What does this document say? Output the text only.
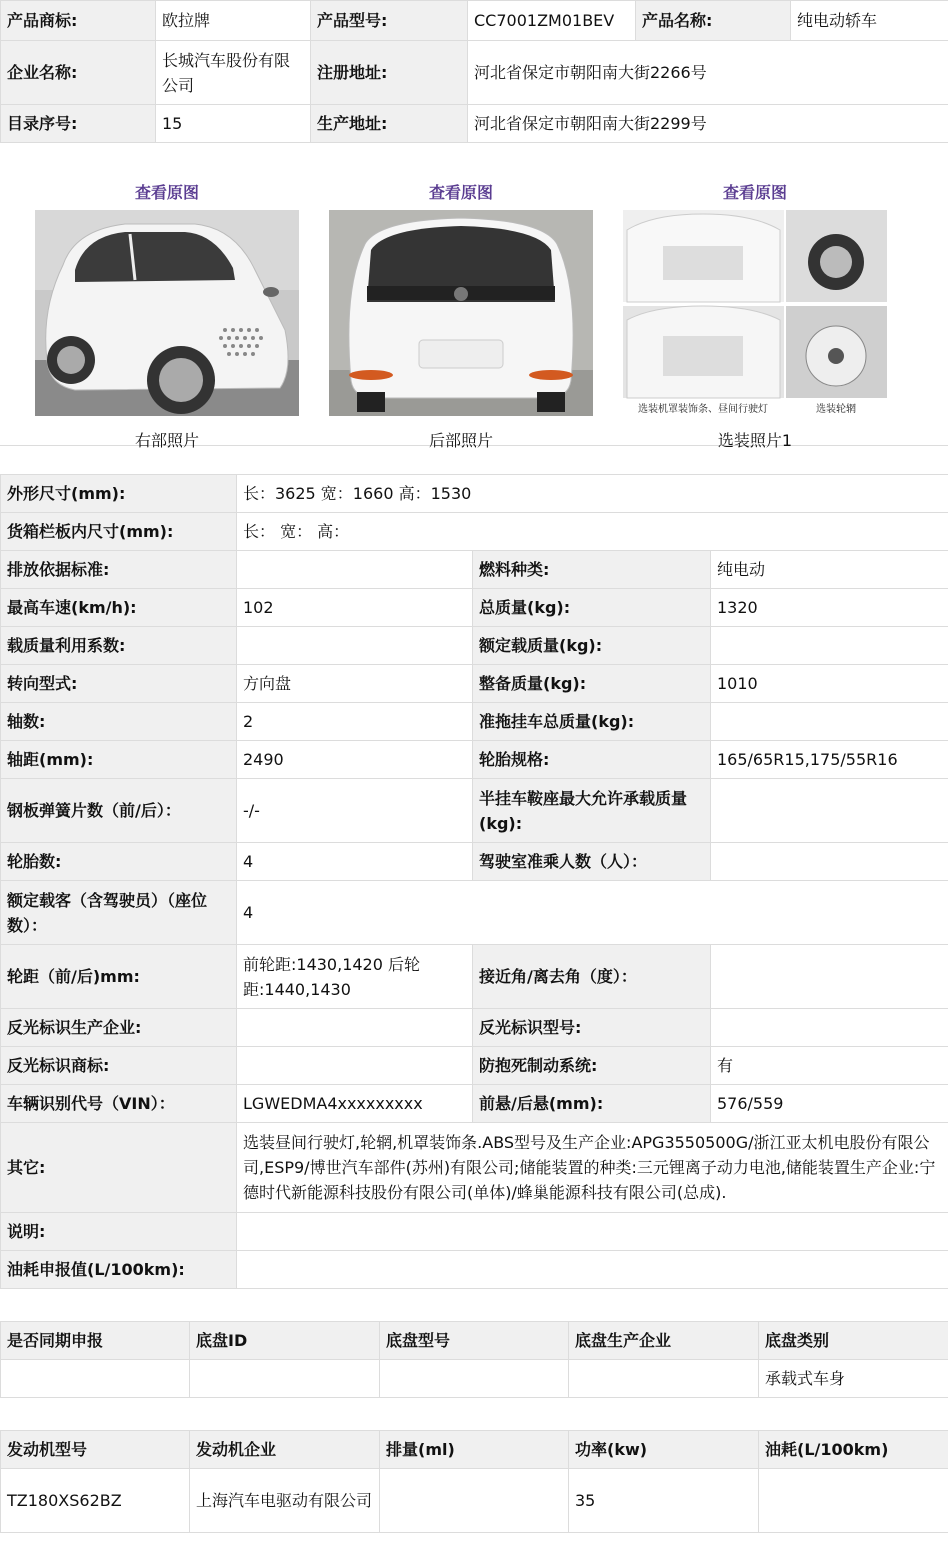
产品商标:	欧拉牌	产品型号:	CC7001ZM01BEV	产品名称:	纯电动轿车
企业名称:	长城汽车股份有限公司	注册地址:	河北省保定市朝阳南大街2266号		
目录序号:	15	生产地址:	河北省保定市朝阳南大街2299号		
查看原图
右部照片
查看原图
后部照片
查看原图
选装机罩装饰条、昼间行驶灯	选装轮辋
选装照片1
外形尺寸(mm):	长：3625 宽：1660 高：1530		
货箱栏板内尺寸(mm):	长： 宽： 高：		
排放依据标准:		燃料种类:	纯电动
最高车速(km/h):	102	总质量(kg):	1320
载质量利用系数:		额定载质量(kg):	
转向型式:	方向盘	整备质量(kg):	1010
轴数:	2	准拖挂车总质量(kg):	
轴距(mm):	2490	轮胎规格:	165/65R15,175/55R16
钢板弹簧片数（前/后）：	-/-	半挂车鞍座最大允许承载质量(kg):	
轮胎数:	4	驾驶室准乘人数（人）：	
额定载客（含驾驶员）（座位数）：	4		
轮距（前/后)mm:	前轮距:1430,1420 后轮距:1440,1430	接近角/离去角（度）：	
反光标识生产企业:		反光标识型号:	
反光标识商标:		防抱死制动系统:	有
车辆识别代号（VIN）：	LGWEDMA4xxxxxxxxx	前悬/后悬(mm):	576/559
其它:	选装昼间行驶灯,轮辋,机罩装饰条.ABS型号及生产企业:APG3550500G/浙江亚太机电股份有限公司,ESP9/博世汽车部件(苏州)有限公司;储能装置的种类:三元锂离子动力电池,储能装置生产企业:宁德时代新能源科技股份有限公司(单体)/蜂巢能源科技有限公司(总成).		
说明:			
油耗申报值(L/100km):			
是否同期申报	底盘ID	底盘型号	底盘生产企业	底盘类别
				承载式车身
发动机型号	发动机企业	排量(ml)	功率(kw)	油耗(L/100km)
TZ180XS62BZ	上海汽车电驱动有限公司		35	
